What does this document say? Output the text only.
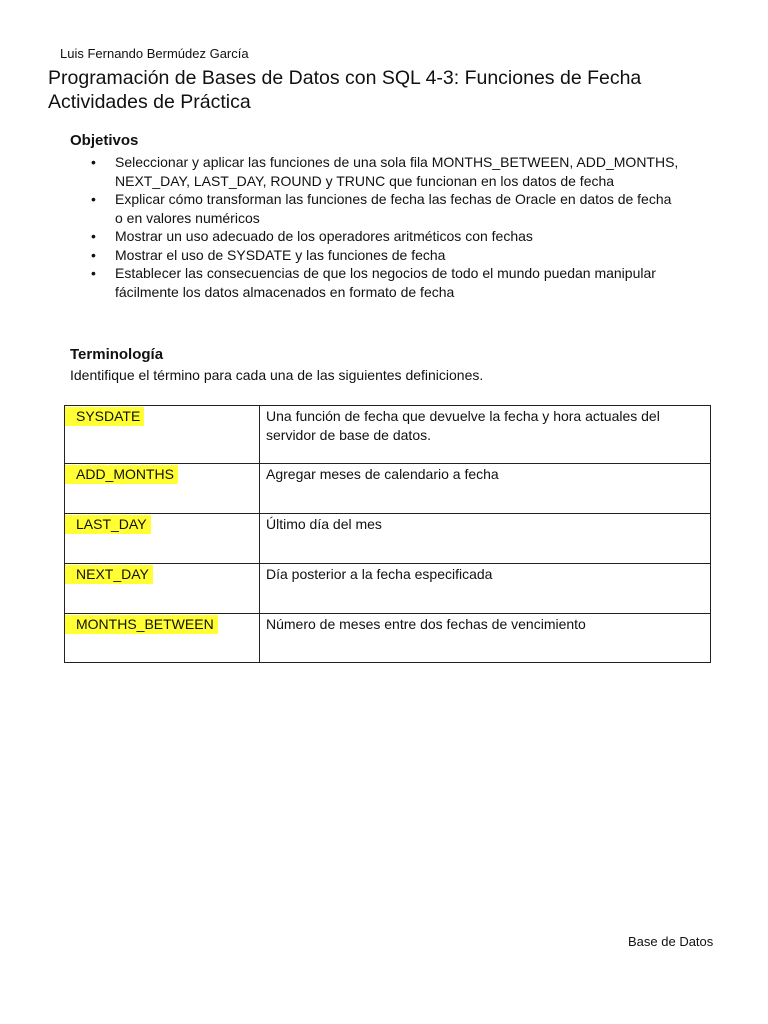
Luis Fernando Bermúdez García
Programación de Bases de Datos con SQL 4-3: Funciones de Fecha
Actividades de Práctica
Objetivos
• Seleccionar y aplicar las funciones de una sola fila MONTHS_BETWEEN, ADD_MONTHS, NEXT_DAY, LAST_DAY, ROUND y TRUNC que funcionan en los datos de fecha
• Explicar cómo transforman las funciones de fecha las fechas de Oracle en datos de fecha o en valores numéricos
• Mostrar un uso adecuado de los operadores aritméticos con fechas
• Mostrar el uso de SYSDATE y las funciones de fecha
• Establecer las consecuencias de que los negocios de todo el mundo puedan manipular fácilmente los datos almacenados en formato de fecha
Terminología
Identifique el término para cada una de las siguientes definiciones.
SYSDATE	Una función de fecha que devuelve la fecha y hora actuales del servidor de base de datos.

ADD_MONTHS	Agregar meses de calendario a fecha

LAST_DAY	Último día del mes

NEXT_DAY	Día posterior a la fecha especificada

MONTHS_BETWEEN	Número de meses entre dos fechas de vencimiento
Base de Datos
